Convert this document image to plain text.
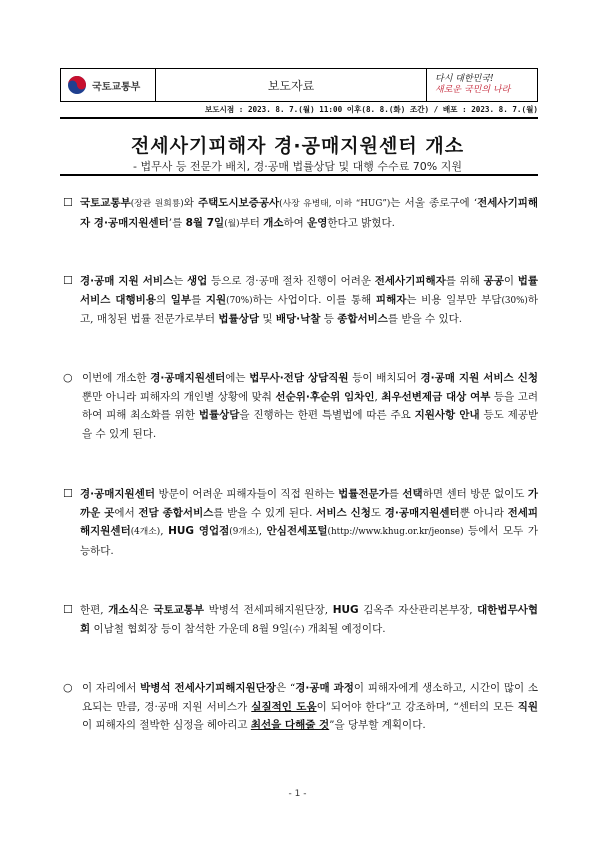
국토교통부	보도자료	다시 대한민국!
새로운 국민의 나라
보도시점 : 2023. 8. 7.(월) 11:00 이후(8. 8.(화) 조간) / 배포 : 2023. 8. 7.(월)
전세사기피해자 경·공매지원센터 개소
- 법무사 등 전문가 배치, 경·공매 법률상담 및 대행 수수료 70% 지원
☐ 국토교통부(장관 원희룡)와 주택도시보증공사(사장 유병태, 이하 “HUG”)는 서울 종로구에 ‘전세사기피해자 경·공매지원센터’를 8월 7일(월)부터 개소하여 운영한다고 밝혔다.
☐ 경·공매 지원 서비스는 생업 등으로 경·공매 절차 진행이 어려운 전세사기피해자를 위해 공공이 법률서비스 대행비용의 일부를 지원(70%)하는 사업이다. 이를 통해 피해자는 비용 일부만 부담(30%)하고, 매칭된 법률 전문가로부터 법률상담 및 배당·낙찰 등 종합서비스를 받을 수 있다.
○ 이번에 개소한 경·공매지원센터에는 법무사·전담 상담직원 등이 배치되어 경·공매 지원 서비스 신청뿐만 아니라 피해자의 개인별 상황에 맞춰 선순위·후순위 임차인, 최우선변제금 대상 여부 등을 고려하여 피해 최소화를 위한 법률상담을 진행하는 한편 특별법에 따른 주요 지원사항 안내 등도 제공받을 수 있게 된다.
☐ 경·공매지원센터 방문이 어려운 피해자들이 직접 원하는 법률전문가를 선택하면 센터 방문 없이도 가까운 곳에서 전담 종합서비스를 받을 수 있게 된다. 서비스 신청도 경·공매지원센터뿐 아니라 전세피해지원센터(4개소), HUG 영업점(9개소), 안심전세포털(http://www.khug.or.kr/jeonse) 등에서 모두 가능하다.
☐ 한편, 개소식은 국토교통부 박병석 전세피해지원단장, HUG 김옥주 자산관리본부장, 대한법무사협회 이남철 협회장 등이 참석한 가운데 8월 9일(수) 개최될 예정이다.
○ 이 자리에서 박병석 전세사기피해지원단장은 “경·공매 과정이 피해자에게 생소하고, 시간이 많이 소요되는 만큼, 경·공매 지원 서비스가 실질적인 도움이 되어야 한다”고 강조하며, “센터의 모든 직원이 피해자의 절박한 심정을 헤아리고 최선을 다해줄 것”을 당부할 계획이다.
- 1 -
